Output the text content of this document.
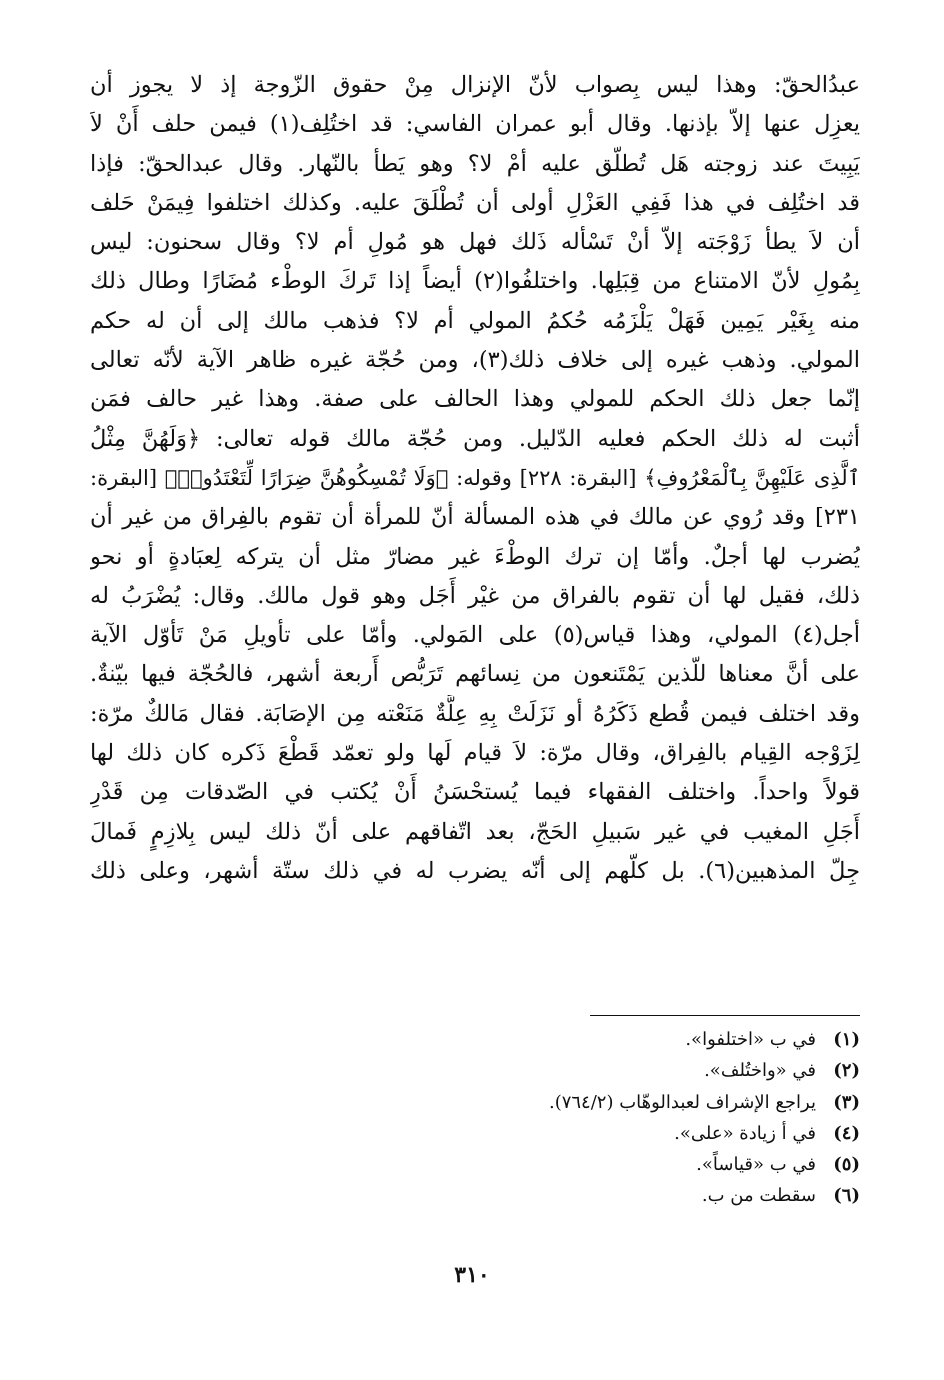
عبدُالحقّ: وهذا ليس بِصواب لأنّ الإنزال مِنْ حقوق الزّوجة إذ لا يجوز أن
يعزِل عنها إلاّ بإذنها. وقال أبو عمران الفاسي: قد اختُلِف(١) فيمن حلف أَنْ لاَ
يَبِيتَ عند زوجته هَل تُطلّق عليه أمْ لا؟ وهو يَطأ بالنّهار. وقال عبدالحقّ: فإذا
قد اختُلِف في هذا فَفِي العَزْلِ أولى أن تُطْلَقَ عليه. وكذلك اختلفوا فِيمَنْ حَلف
أن لاَ يطأ زَوْجَته إلاّ أنْ تَسْأله ذَلك فهل هو مُولِ أم لا؟ وقال سحنون: ليس
بِمُولِ لأنّ الامتناع من قِبَلِها. واختلفُوا(٢) أيضاً إذا تَركَ الوطْء مُضَارًا وطال ذلك
منه بِغَيْر يَمِين فَهَلْ يَلْزَمُه حُكمُ المولي أم لا؟ فذهب مالك إلى أن له حكم
المولي. وذهب غيره إلى خلاف ذلك(٣)، ومن حُجّة غيره ظاهر الآية لأنّه تعالى
إنّما جعل ذلك الحكم للمولي وهذا الحالف على صفة. وهذا غير حالف فمَن
أثبت له ذلك الحكم فعليه الدّليل. ومن حُجّة مالك قوله تعالى: ﴿وَلَهُنَّ مِثْلُ
ٱلَّذِى عَلَيْهِنَّ بِٱلْمَعْرُوفِ﴾ [البقرة: ٢٢٨] وقوله: ﴿وَلَا تُمْسِكُوهُنَّ ضِرَارًا لِّتَعْتَدُوا۟﴾ [البقرة:
٢٣١] وقد رُوي عن مالك في هذه المسألة أنّ للمرأة أن تقوم بالفِراق من غير أن
يُضرب لها أجلٌ. وأمّا إن ترك الوطْءَ غير مضارّ مثل أن يتركه لِعبَادةٍ أو نحو
ذلك، فقيل لها أن تقوم بالفراق من غيْر أَجَل وهو قول مالك. وقال: يُضْرَبُ له
أجل(٤) المولي، وهذا قياس(٥) على المَولي. وأمّا على تأويلِ مَنْ تَأوّل الآية
على أنَّ معناها للّذين يَمْتَنعون من نِسائهم تَرَبُّص أَربعة أشهر، فالحُجّة فيها بيّنةٌ.
وقد اختلف فيمن قُطع ذَكَرُهُ أو نَزَلَتْ بِهِ عِلَّةٌ مَنَعْته مِن الإصَابَة. فقال مَالكٌ مرّة:
لِزَوْجه القِيام بالفِراق، وقال مرّة: لاَ قيام لَها ولو تعمّد قَطْعَ ذَكره كان ذلك لها
قولاً واحداً. واختلف الفقهاء فيما يُستحْسَنُ أَنْ يُكتب في الصّدقات مِن قَدْرِ
أَجَلِ المغيب في غير سَبيلِ الحَجّ، بعد اتّفاقهم على أنّ ذلك ليس بِلازِمٍ فَمالَ
جِلّ المذهبين(٦). بل كلّهم إلى أنّه يضرب له في ذلك ستّة أشهر، وعلى ذلك
(١)في ب «اختلفوا».
(٢)في «واختُلف».
(٣)يراجع الإشراف لعبدالوهّاب (٧٦٤/٢).
(٤)في أ زيادة «على».
(٥)في ب «قياساً».
(٦)سقطت من ب.
٣١٠
